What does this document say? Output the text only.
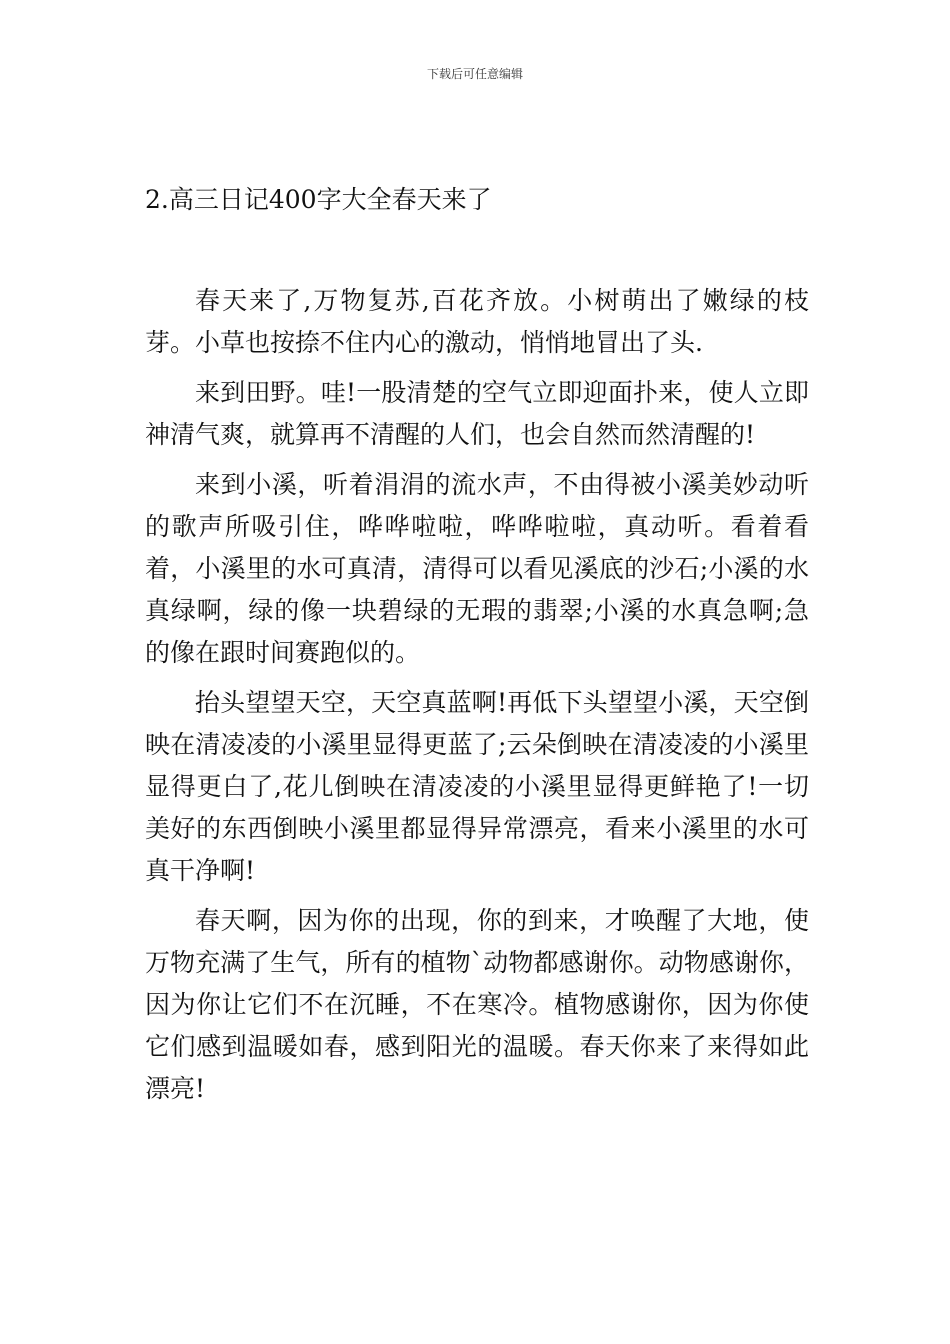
下载后可任意编辑
2.高三日记400字大全春天来了

春天来了,万物复苏,百花齐放。小树萌出了嫩绿的枝芽。小草也按捺不住内心的激动，悄悄地冒出了头.

来到田野。哇!一股清楚的空气立即迎面扑来，使人立即神清气爽，就算再不清醒的人们，也会自然而然清醒的!

来到小溪，听着涓涓的流水声，不由得被小溪美妙动听的歌声所吸引住，哗哗啦啦，哗哗啦啦，真动听。看着看着，小溪里的水可真清，清得可以看见溪底的沙石;小溪的水真绿啊，绿的像一块碧绿的无瑕的翡翠;小溪的水真急啊;急的像在跟时间赛跑似的。

抬头望望天空，天空真蓝啊!再低下头望望小溪，天空倒映在清凌凌的小溪里显得更蓝了;云朵倒映在清凌凌的小溪里显得更白了,花儿倒映在清凌凌的小溪里显得更鲜艳了!一切美好的东西倒映小溪里都显得异常漂亮，看来小溪里的水可真干净啊!

春天啊，因为你的出现，你的到来，才唤醒了大地，使万物充满了生气，所有的植物`动物都感谢你。动物感谢你，因为你让它们不在沉睡，不在寒冷。植物感谢你，因为你使它们感到温暖如春，感到阳光的温暖。春天你来了来得如此漂亮!
